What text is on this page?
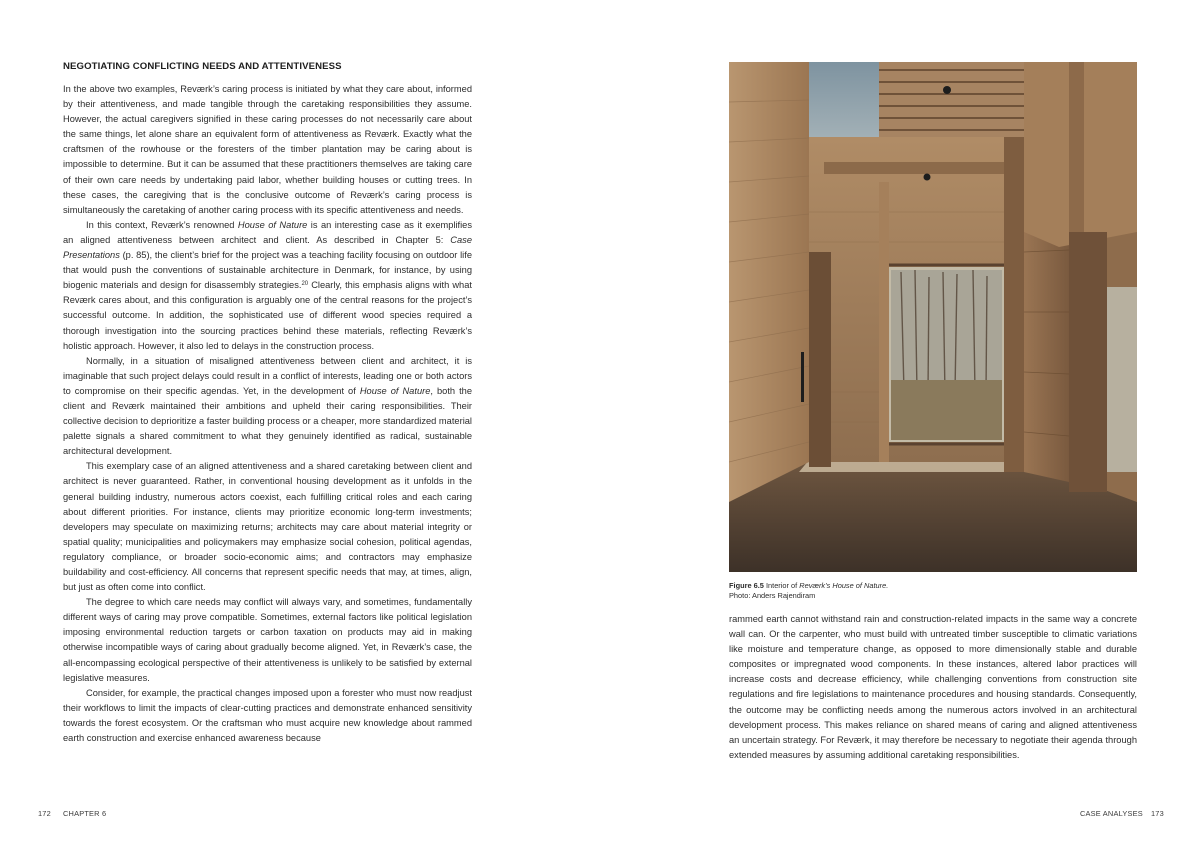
NEGOTIATING CONFLICTING NEEDS AND ATTENTIVENESS

In the above two examples, Reværk’s caring process is initiated by what they care about, informed by their attentiveness, and made tangible through the caretaking responsibilities they assume. However, the actual caregivers signified in these caring processes do not necessarily care about the same things, let alone share an equivalent form of attentiveness as Reværk. Exactly what the craftsmen of the rowhouse or the foresters of the timber plantation may be caring about is impossible to determine. But it can be assumed that these practitioners themselves are taking care of their own care needs by undertaking paid labor, whether building houses or cutting trees. In these cases, the caregiving that is the conclusive outcome of Reværk’s caring process is simultaneously the caretaking of another caring process with its specific attentiveness and needs.

In this context, Reværk’s renowned House of Nature is an interesting case as it exemplifies an aligned attentiveness between architect and client. As described in Chapter 5: Case Presentations (p. 85), the client’s brief for the project was a teaching facility focusing on outdoor life that would push the conventions of sustainable architecture in Denmark, for instance, by using biogenic materials and design for disassembly strategies.$^{20}$ Clearly, this emphasis aligns with what Reværk cares about, and this configuration is arguably one of the central reasons for the project’s successful outcome. In addition, the sophisticated use of different wood species required a thorough investigation into the sourcing practices behind these materials, reflecting Reværk’s holistic approach. However, it also led to delays in the construction process.

Normally, in a situation of misaligned attentiveness between client and architect, it is imaginable that such project delays could result in a conflict of interests, leading one or both actors to compromise on their specific agendas. Yet, in the development of House of Nature, both the client and Reværk maintained their ambitions and upheld their caring responsibilities. Their collective decision to deprioritize a faster building process or a cheaper, more standardized material palette signals a shared commitment to what they genuinely identified as radical, sustainable architectural development.

This exemplary case of an aligned attentiveness and a shared caretaking between client and architect is never guaranteed. Rather, in conventional housing development as it unfolds in the general building industry, numerous actors coexist, each fulfilling critical roles and each caring about different priorities. For instance, clients may prioritize economic long-term investments; developers may speculate on maximizing returns; architects may care about material integrity or spatial quality; municipalities and policymakers may emphasize social cohesion, political agendas, regulatory compliance, or broader socio-economic aims; and contractors may emphasize buildability and cost-efficiency. All concerns that represent specific needs that may, at times, align, but just as often come into conflict.

The degree to which care needs may conflict will always vary, and sometimes, fundamentally different ways of caring may prove compatible. Sometimes, external factors like political legislation imposing environmental reduction targets or carbon taxation on products may aid in making otherwise incompatible ways of caring about gradually become aligned. Yet, in Reværk’s case, the all-encompassing ecological perspective of their attentiveness is unlikely to be satisfied by external legislative measures.

Consider, for example, the practical changes imposed upon a forester who must now readjust their workflows to limit the impacts of clear-cutting practices and demonstrate enhanced sensitivity towards the forest ecosystem. Or the craftsman who must acquire new knowledge about rammed earth construction and exercise enhanced awareness because

172 CHAPTER 6
Figure 6.5 Interior of Reværk’s House of Nature.
Photo: Anders Rajendiram

rammed earth cannot withstand rain and construction-related impacts in the same way a concrete wall can. Or the carpenter, who must build with untreated timber susceptible to climatic variations like moisture and temperature change, as opposed to more dimensionally stable and durable composites or impregnated wood components. In these instances, altered labor practices will increase costs and decrease efficiency, while challenging conventions from construction site regulations and fire legislations to maintenance procedures and housing standards. Consequently, the outcome may be conflicting needs among the numerous actors involved in an architectural development process. This makes reliance on shared means of caring and aligned attentiveness an uncertain strategy. For Reværk, it may therefore be necessary to negotiate their agenda through extended measures by assuming additional caretaking responsibilities.

CASE ANALYSES 173
